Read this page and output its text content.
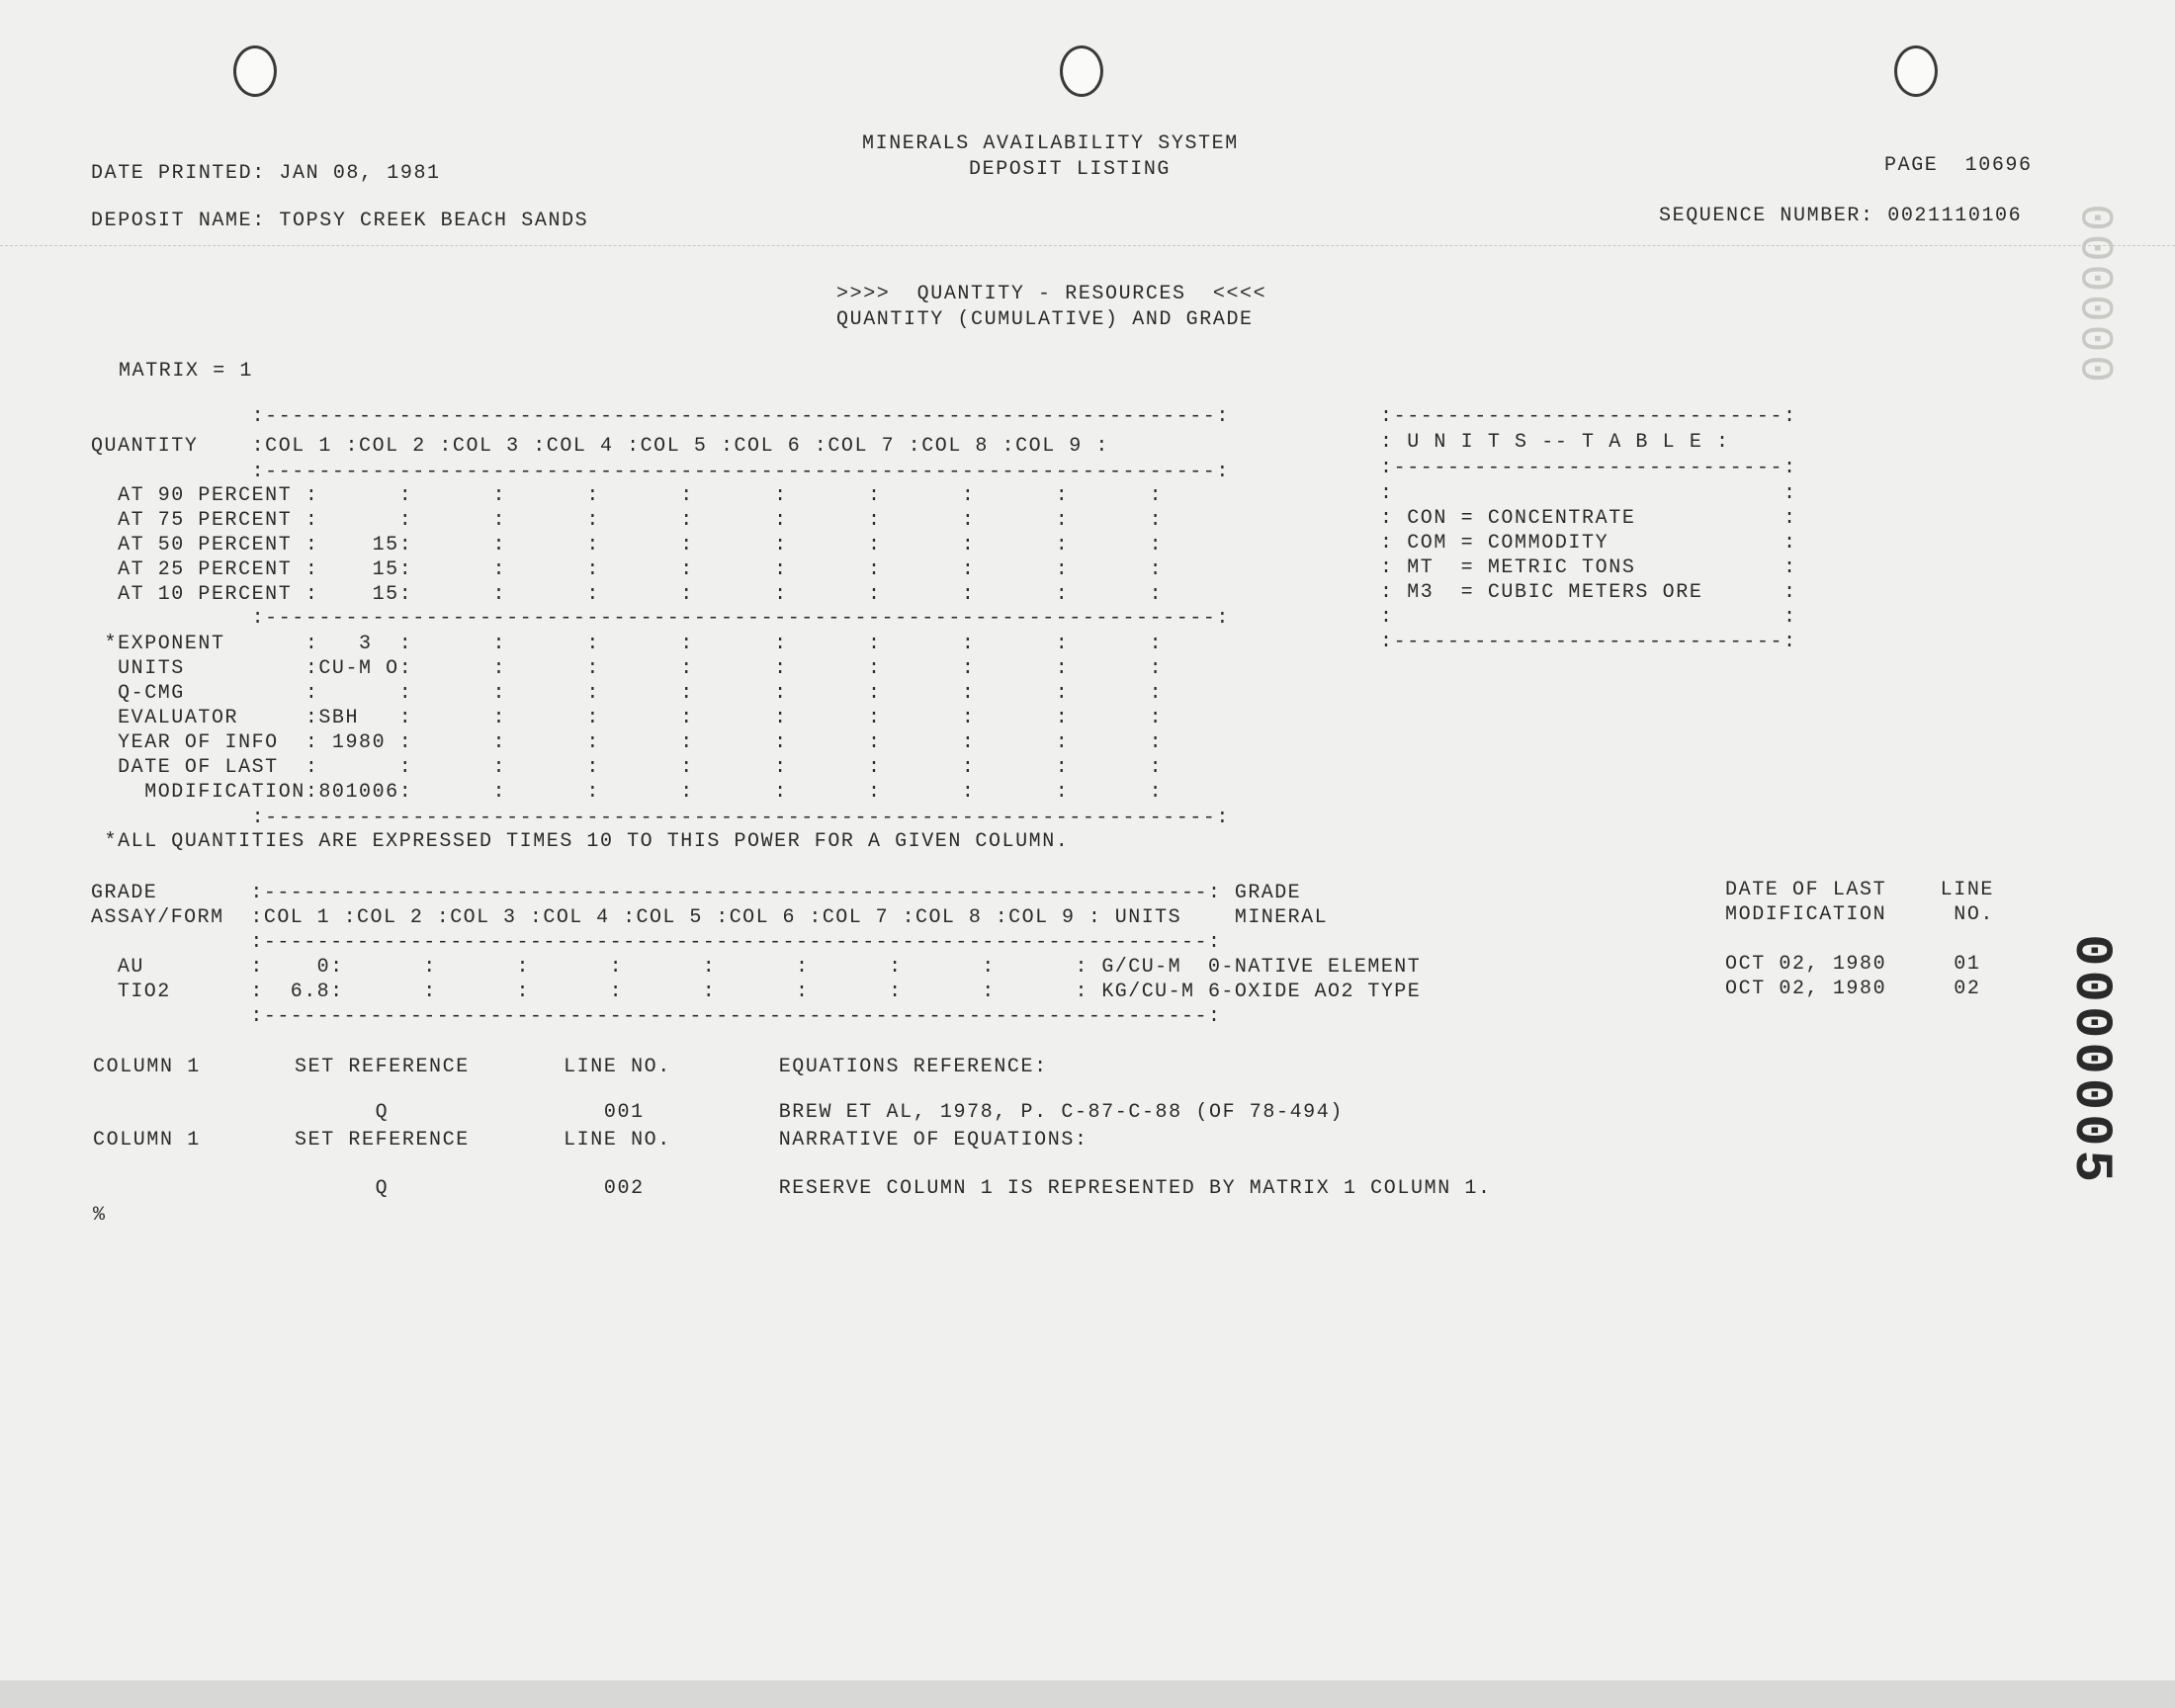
MINERALS AVAILABILITY SYSTEM
DEPOSIT LISTING
DATE PRINTED: JAN 08, 1981	PAGE  10696
DEPOSIT NAME: TOPSY CREEK BEACH SANDS	SEQUENCE NUMBER: 0021110106
>>>>  QUANTITY - RESOURCES  <<<<
QUANTITY (CUMULATIVE) AND GRADE
MATRIX = 1
:-----------------------------------------------------------------------:
QUANTITY    :COL 1 :COL 2 :COL 3 :COL 4 :COL 5 :COL 6 :COL 7 :COL 8 :COL 9 :
:-----------------------------------------------------------------------:
AT 90 PERCENT :      :      :      :      :      :      :      :      :      :
AT 75 PERCENT :      :      :      :      :      :      :      :      :      :
AT 50 PERCENT :    15:      :      :      :      :      :      :      :      :
AT 25 PERCENT :    15:      :      :      :      :      :      :      :      :
AT 10 PERCENT :    15:      :      :      :      :      :      :      :      :
:-----------------------------------------------------------------------:
*EXPONENT      :   3  :      :      :      :      :      :      :      :      :
UNITS         :CU-M O:      :      :      :      :      :      :      :      :
Q-CMG         :      :      :      :      :      :      :      :      :      :
EVALUATOR     :SBH   :      :      :      :      :      :      :      :      :
YEAR OF INFO  : 1980 :      :      :      :      :      :      :      :      :
DATE OF LAST  :      :      :      :      :      :      :      :      :      :
MODIFICATION:801006:      :      :      :      :      :      :      :      :
:-----------------------------------------------------------------------:
*ALL QUANTITIES ARE EXPRESSED TIMES 10 TO THIS POWER FOR A GIVEN COLUMN.
:-----------------------------:
: U N I T S -- T A B L E :
:-----------------------------:
:                             :
: CON = CONCENTRATE           :
: COM = COMMODITY             :
: MT  = METRIC TONS           :
: M3  = CUBIC METERS ORE      :
:                             :
:-----------------------------:
GRADE       :-----------------------------------------------------------------------: GRADE
ASSAY/FORM  :COL 1 :COL 2 :COL 3 :COL 4 :COL 5 :COL 6 :COL 7 :COL 8 :COL 9 : UNITS    MINERAL
:-----------------------------------------------------------------------:
AU        :    0:      :      :      :      :      :      :      :      : G/CU-M  0-NATIVE ELEMENT
TIO2      :  6.8:      :      :      :      :      :      :      :      : KG/CU-M 6-OXIDE AO2 TYPE
:-----------------------------------------------------------------------:
DATE OF LAST    LINE
MODIFICATION     NO.
OCT 02, 1980     01
OCT 02, 1980     02
COLUMN 1       SET REFERENCE       LINE NO.        EQUATIONS REFERENCE:
Q                001          BREW ET AL, 1978, P. C-87-C-88 (OF 78-494)
COLUMN 1       SET REFERENCE       LINE NO.        NARRATIVE OF EQUATIONS:
Q                002          RESERVE COLUMN 1 IS REPRESENTED BY MATRIX 1 COLUMN 1.
%
000000
0000005
